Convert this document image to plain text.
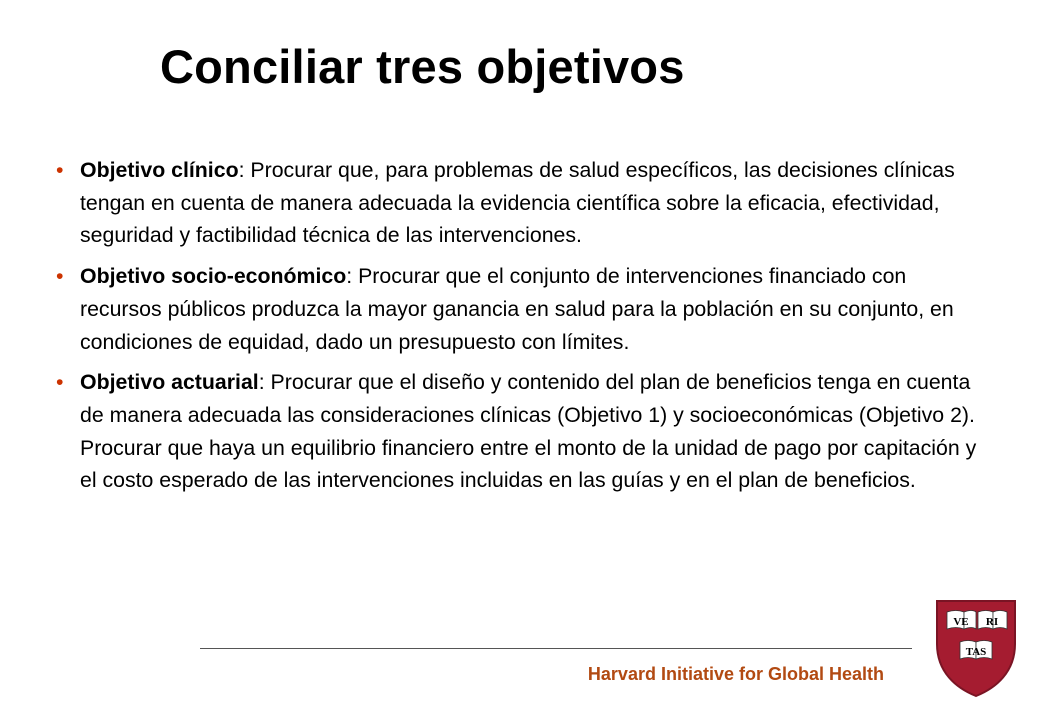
Conciliar tres objetivos
• Objetivo clínico: Procurar que, para problemas de salud específicos, las decisiones clínicas tengan en cuenta de manera adecuada la evidencia científica sobre la eficacia, efectividad, seguridad y factibilidad técnica de las intervenciones.
• Objetivo socio-económico: Procurar que el conjunto de intervenciones financiado con recursos públicos produzca la mayor ganancia en salud para la población en su conjunto, en condiciones de equidad, dado un presupuesto con límites.
• Objetivo actuarial: Procurar que el diseño y contenido del plan de beneficios tenga en cuenta de manera adecuada las consideraciones clínicas (Objetivo 1) y socioeconómicas (Objetivo 2). Procurar que haya un equilibrio financiero entre el monto de la unidad de pago por capitación y el costo esperado de las intervenciones incluidas en las guías y en el plan de beneficios.
Harvard Initiative for Global Health
VE RI
TAS
